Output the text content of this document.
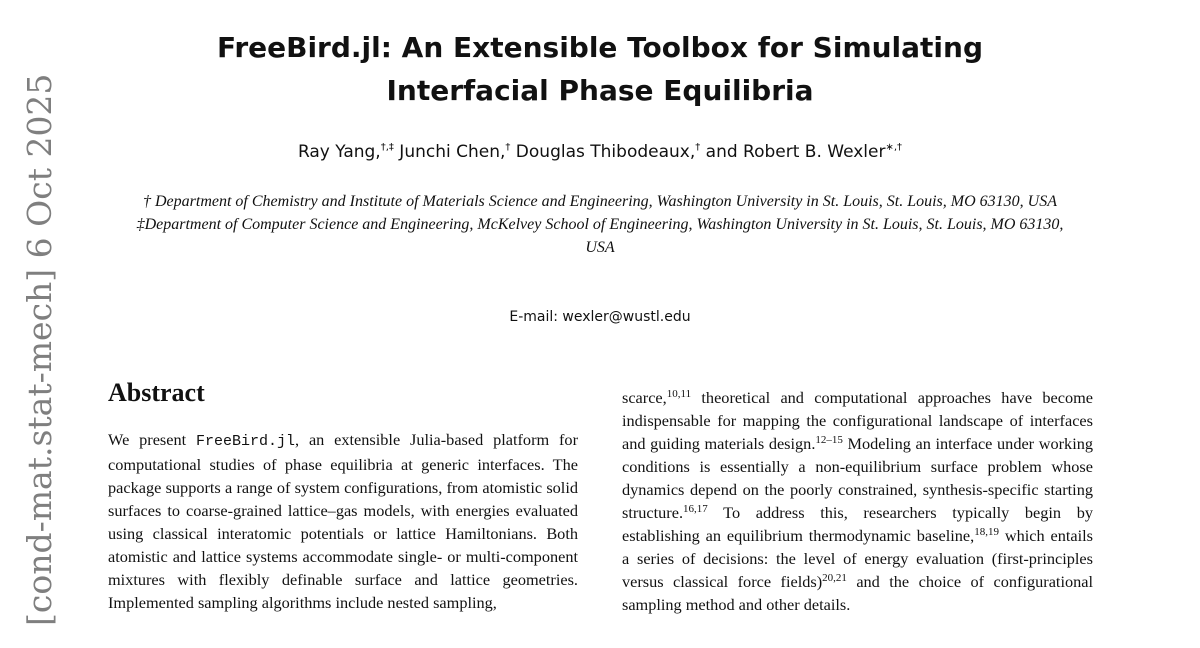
[cond-mat.stat-mech] 6 Oct 2025
FreeBird.jl: An Extensible Toolbox for Simulating
Interfacial Phase Equilibria
Ray Yang,†,‡ Junchi Chen,† Douglas Thibodeaux,† and Robert B. Wexler∗,†
† Department of Chemistry and Institute of Materials Science and Engineering, Washington University in St. Louis, St. Louis, MO 63130, USA
‡Department of Computer Science and Engineering, McKelvey School of Engineering, Washington University in St. Louis, St. Louis, MO 63130, USA
E-mail: wexler@wustl.edu
Abstract

We present FreeBird.jl, an extensible Julia-based platform for computational studies of phase equilibria at generic interfaces. The package supports a range of system configurations, from atomistic solid surfaces to coarse-grained lattice–gas models, with energies evaluated using classical interatomic potentials or lattice Hamiltonians. Both atomistic and lattice systems accommodate single- or multi-component mixtures with flexibly definable surface and lattice geometries. Implemented sampling algorithms include nested sampling,

scarce,$^{10,11}$ theoretical and computational approaches have become indispensable for mapping the configurational landscape of interfaces and guiding materials design.$^{12-15}$ Modeling an interface under working conditions is essentially a non-equilibrium surface problem whose dynamics depend on the poorly constrained, synthesis-specific starting structure.$^{16,17}$ To address this, researchers typically begin by establishing an equilibrium thermodynamic baseline,$^{18,19}$ which entails a series of decisions: the level of energy evaluation (first-principles versus classical force fields)$^{20,21}$ and the choice of configurational sampling method and other details.
